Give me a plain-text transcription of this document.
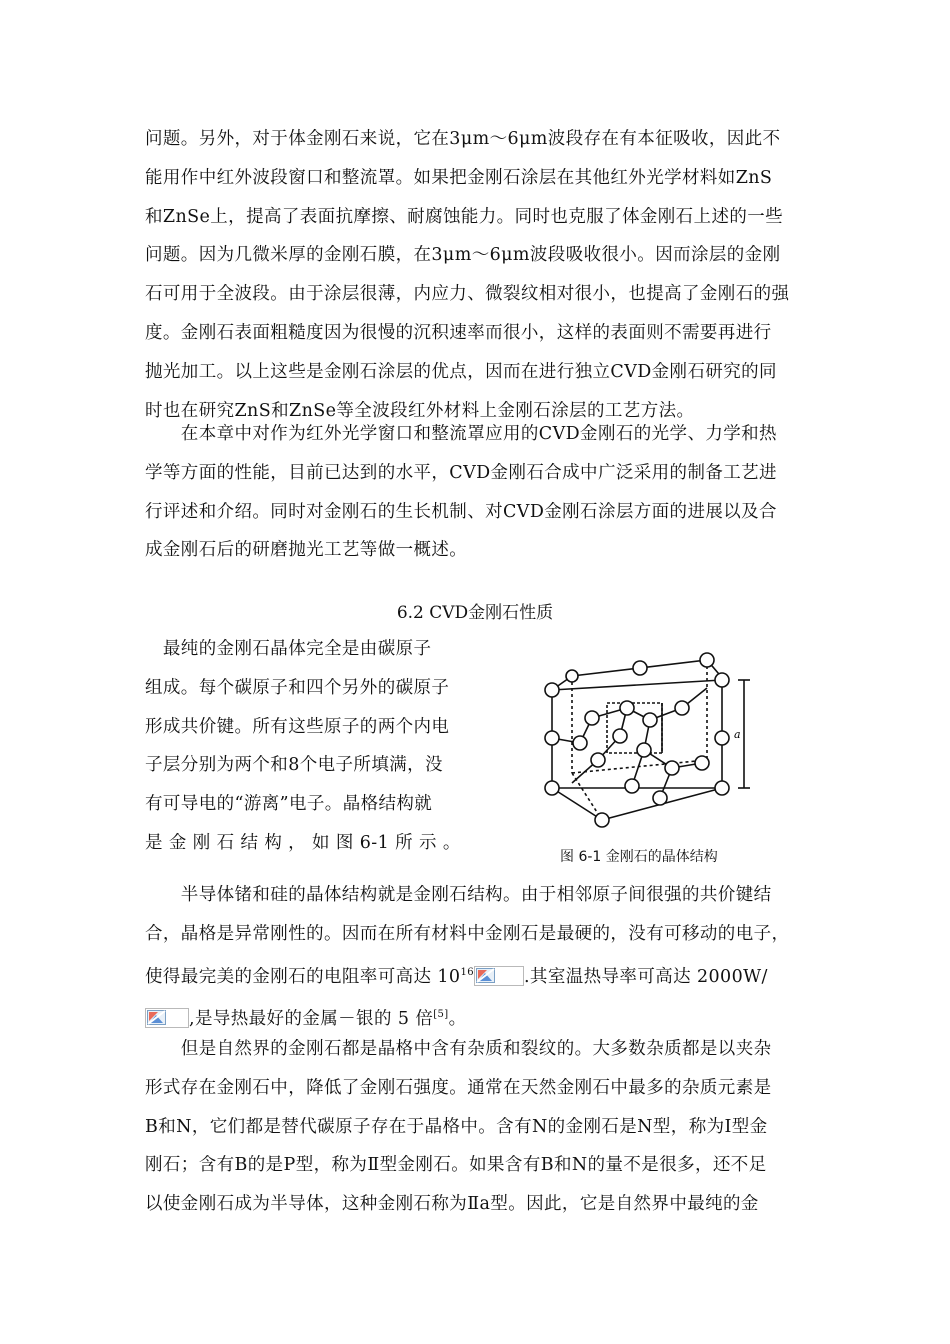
问题。另外，对于体金刚石来说，它在3μm～6μm波段存在有本征吸收，因此不
能用作中红外波段窗口和整流罩。如果把金刚石涂层在其他红外光学材料如ZnS
和ZnSe上，提高了表面抗摩擦、耐腐蚀能力。同时也克服了体金刚石上述的一些
问题。因为几微米厚的金刚石膜，在3μm～6μm波段吸收很小。因而涂层的金刚
石可用于全波段。由于涂层很薄，内应力、微裂纹相对很小，也提高了金刚石的强
度。金刚石表面粗糙度因为很慢的沉积速率而很小，这样的表面则不需要再进行
抛光加工。以上这些是金刚石涂层的优点，因而在进行独立CVD金刚石研究的同
时也在研究ZnS和ZnSe等全波段红外材料上金刚石涂层的工艺方法。
　　在本章中对作为红外光学窗口和整流罩应用的CVD金刚石的光学、力学和热
学等方面的性能，目前已达到的水平，CVD金刚石合成中广泛采用的制备工艺进
行评述和介绍。同时对金刚石的生长机制、对CVD金刚石涂层方面的进展以及合
成金刚石后的研磨抛光工艺等做一概述。
6.2 CVD金刚石性质
　最纯的金刚石晶体完全是由碳原子
组成。每个碳原子和四个另外的碳原子
形成共价键。所有这些原子的两个内电
子层分别为两个和8个电子所填满，没
有可导电的“游离”电子。晶格结构就
是 金 刚 石 结 构 ， 如 图 6-1 所 示 。
a
图 6-1 金刚石的晶体结构
　　半导体锗和硅的晶体结构就是金刚石结构。由于相邻原子间很强的共价键结
合，晶格是异常刚性的。因而在所有材料中金刚石是最硬的，没有可移动的电子，
使得最完美的金刚石的电阻率可高达 $10^{16}$	.其室温热导率可高达 2000W/
,是导热最好的金属－银的 5 倍[5]。
　　但是自然界的金刚石都是晶格中含有杂质和裂纹的。大多数杂质都是以夹杂
形式存在金刚石中，降低了金刚石强度。通常在天然金刚石中最多的杂质元素是
B和N，它们都是替代碳原子存在于晶格中。含有N的金刚石是N型，称为Ⅰ型金
刚石；含有B的是P型，称为Ⅱ型金刚石。如果含有B和N的量不是很多，还不足
以使金刚石成为半导体，这种金刚石称为Ⅱa型。因此，它是自然界中最纯的金
